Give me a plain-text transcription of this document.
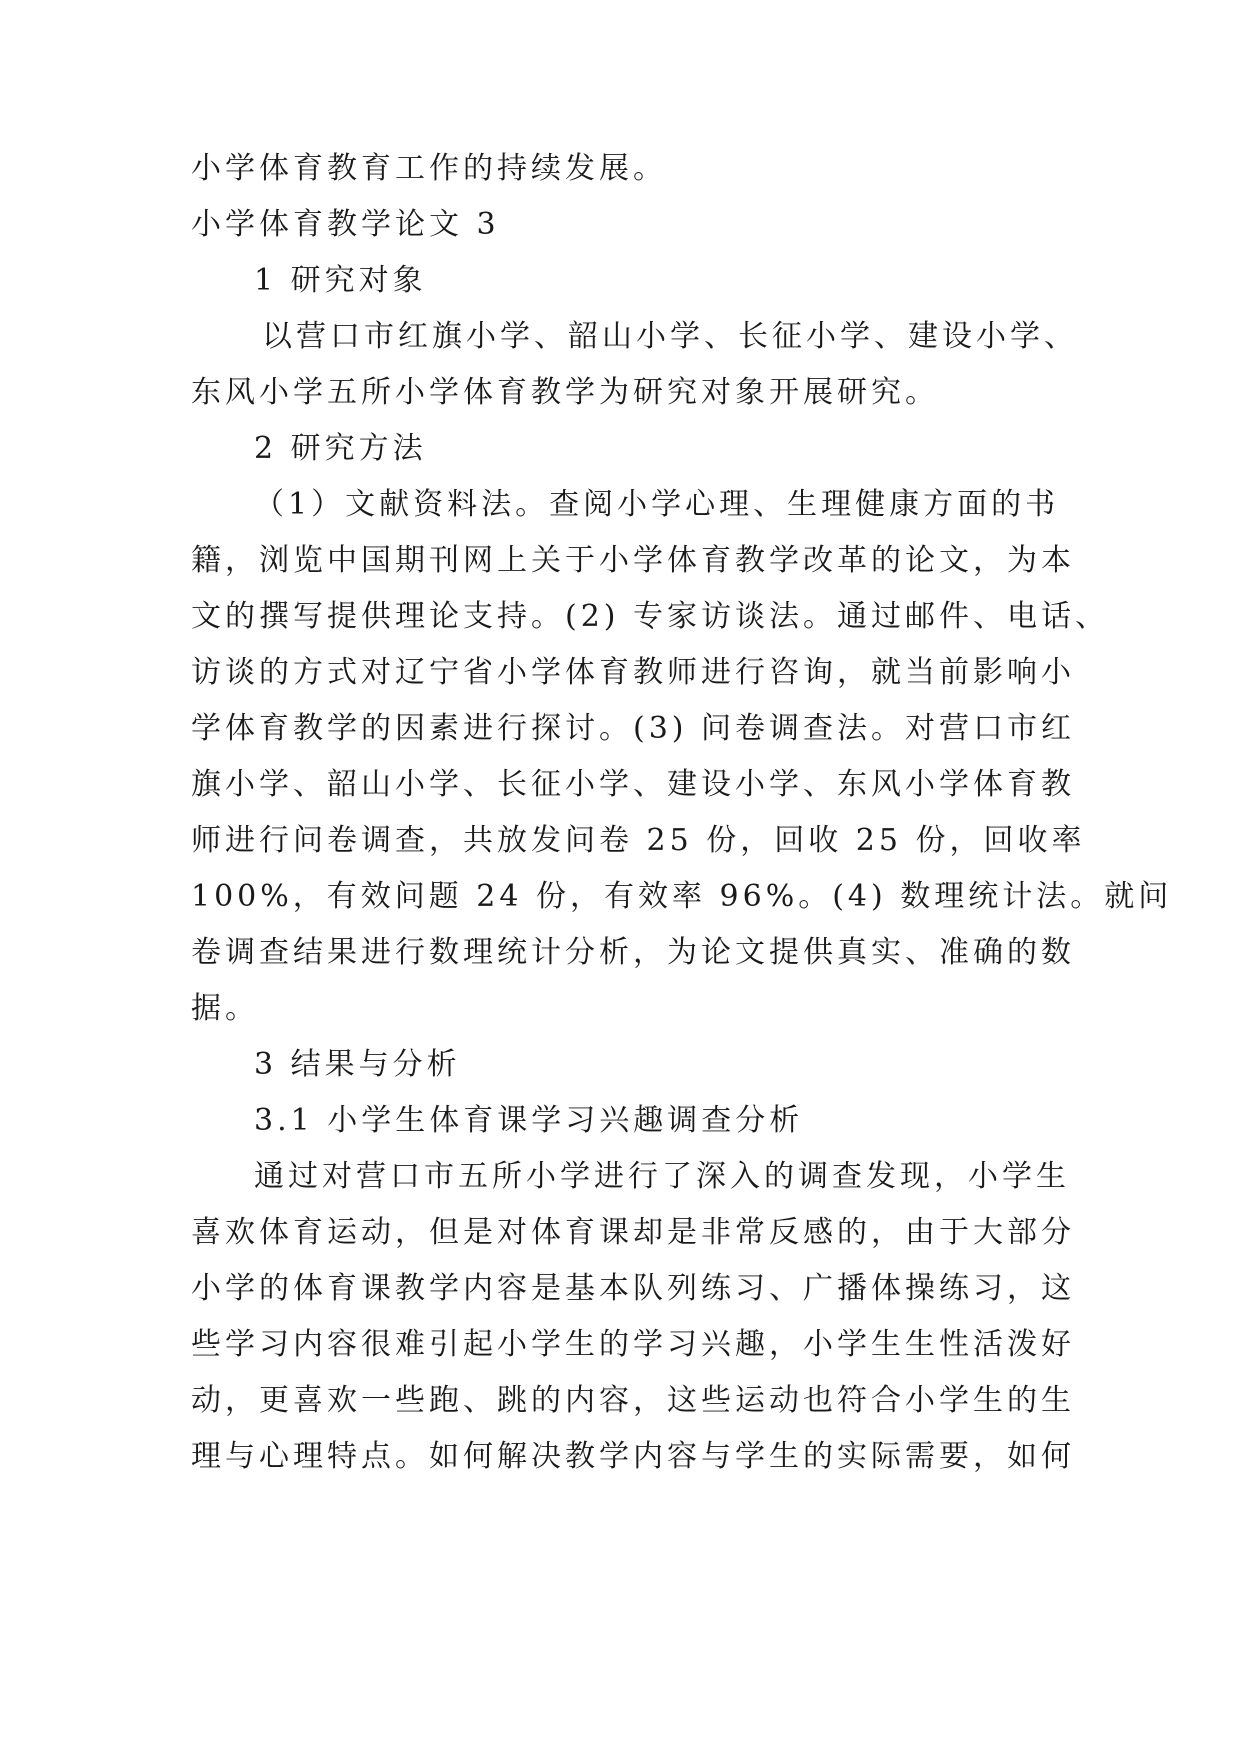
小学体育教育工作的持续发展。
小学体育教学论文 3
1 研究对象
以营口市红旗小学、韶山小学、长征小学、建设小学、
东风小学五所小学体育教学为研究对象开展研究。
2 研究方法
（1）文献资料法。查阅小学心理、生理健康方面的书
籍，浏览中国期刊网上关于小学体育教学改革的论文，为本
文的撰写提供理论支持。(2) 专家访谈法。通过邮件、电话、
访谈的方式对辽宁省小学体育教师进行咨询，就当前影响小
学体育教学的因素进行探讨。(3) 问卷调查法。对营口市红
旗小学、韶山小学、长征小学、建设小学、东风小学体育教
师进行问卷调查，共放发问卷 25 份，回收 25 份，回收率
100%，有效问题 24 份，有效率 96%。(4) 数理统计法。就问
卷调查结果进行数理统计分析，为论文提供真实、准确的数
据。
3 结果与分析
3.1 小学生体育课学习兴趣调查分析
通过对营口市五所小学进行了深入的调查发现，小学生
喜欢体育运动，但是对体育课却是非常反感的，由于大部分
小学的体育课教学内容是基本队列练习、广播体操练习，这
些学习内容很难引起小学生的学习兴趣，小学生生性活泼好
动，更喜欢一些跑、跳的内容，这些运动也符合小学生的生
理与心理特点。如何解决教学内容与学生的实际需要，如何
